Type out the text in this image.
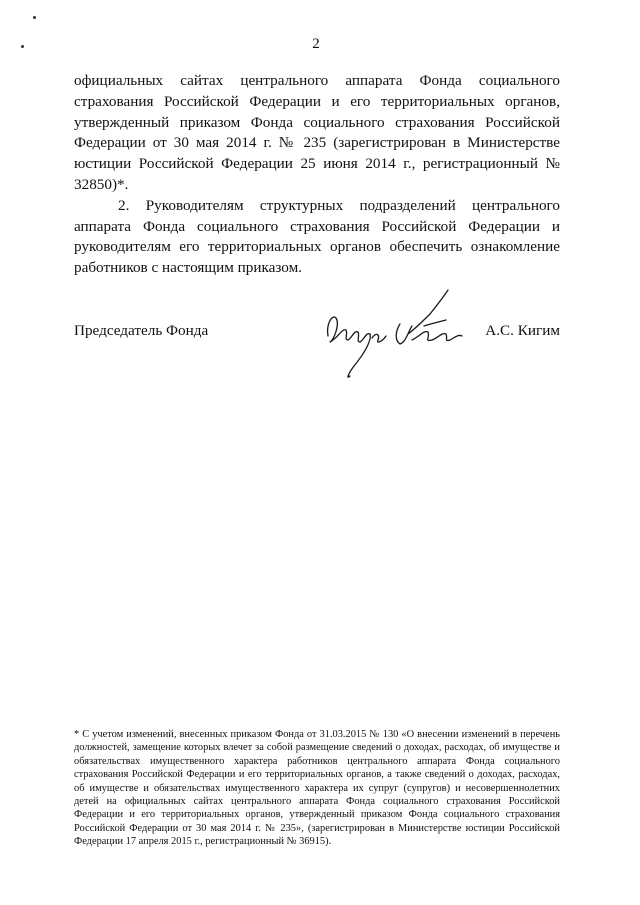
2

официальных сайтах центрального аппарата Фонда социального страхования Российской Федерации и его территориальных органов, утвержденный приказом Фонда социального страхования Российской Федерации от 30 мая 2014 г. № 235 (зарегистрирован в Министерстве юстиции Российской Федерации 25 июня 2014 г., регистрационный № 32850)*.

2. Руководителям структурных подразделений центрального аппарата Фонда социального страхования Российской Федерации и руководителям его территориальных органов обеспечить ознакомление работников с настоящим приказом.

Председатель Фонда	А.С. Кигим

* С учетом изменений, внесенных приказом Фонда от 31.03.2015 № 130 «О внесении изменений в перечень должностей, замещение которых влечет за собой размещение сведений о доходах, расходах, об имуществе и обязательствах имущественного характера работников центрального аппарата Фонда социального страхования Российской Федерации и его территориальных органов, а также сведений о доходах, расходах, об имуществе и обязательствах имущественного характера их супруг (супругов) и несовершеннолетних детей на официальных сайтах центрального аппарата Фонда социального страхования Российской Федерации и его территориальных органов, утвержденный приказом Фонда социального страхования Российской Федерации от 30 мая 2014 г. № 235», (зарегистрирован в Министерстве юстиции Российской Федерации 17 апреля 2015 г., регистрационный № 36915).
